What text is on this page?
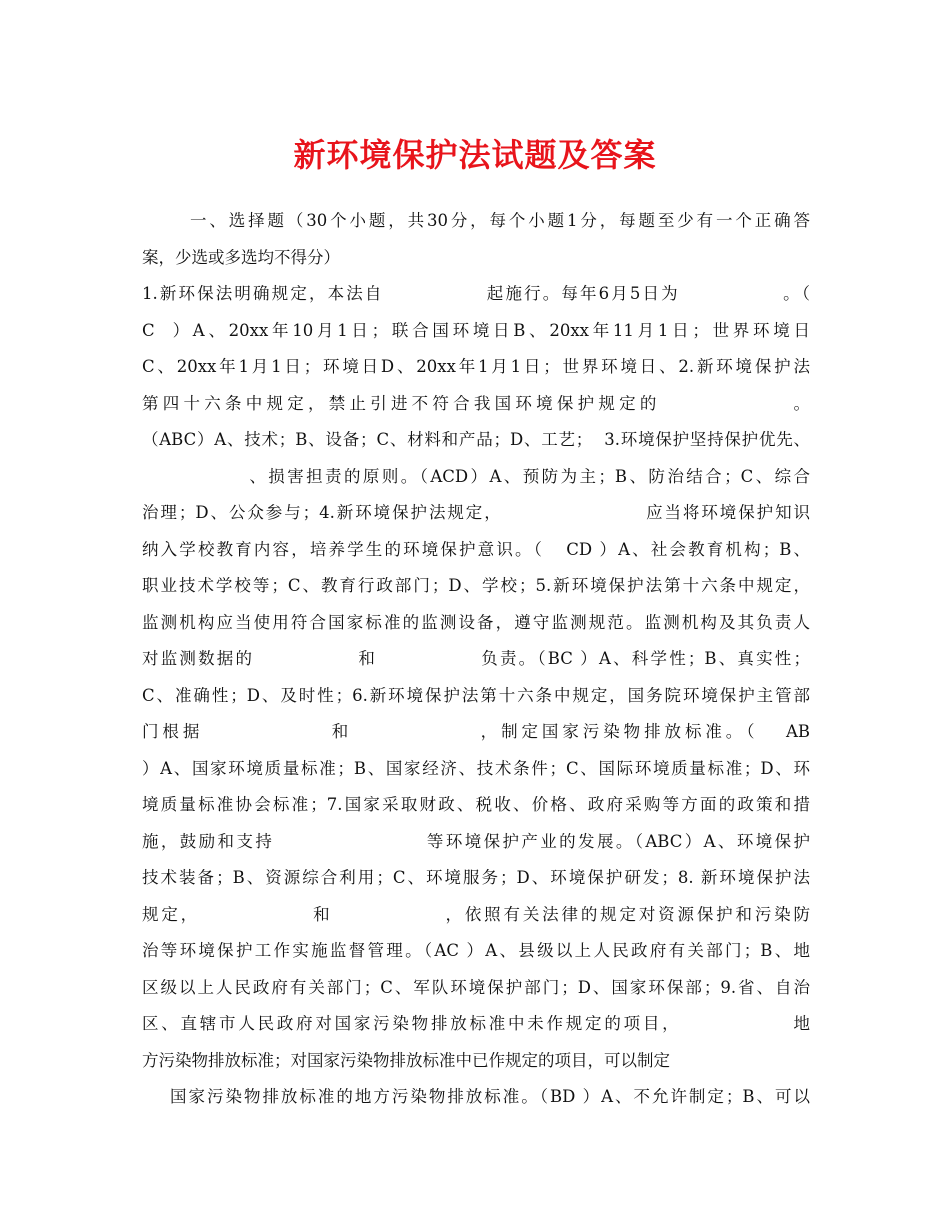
新环境保护法试题及答案
一、选择题（30个小题，共30分，每个小题1分，每题至少有一个正确答
案，少选或多选均不得分）
1.新环保法明确规定，本法自              起施行。每年6月5日为              。（
C  ）A、20xx年10月1日；联合国环境日B、20xx年11月1日；世界环境日
C、20xx年1月1日；环境日D、20xx年1月1日；世界环境日、2.新环境保护法
第四十六条中规定，禁止引进不符合我国环境保护规定的              。
（ABC）A、技术；B、设备；C、材料和产品；D、工艺；  3.环境保护坚持保护优先、
、损害担责的原则。（ACD）A、预防为主；B、防治结合；C、综合
治理；D、公众参与；4.新环境保护法规定，                    应当将环境保护知识
纳入学校教育内容，培养学生的环境保护意识。（   CD ）A、社会教育机构；B、
职业技术学校等；C、教育行政部门；D、学校；5.新环境保护法第十六条中规定，
监测机构应当使用符合国家标准的监测设备，遵守监测规范。监测机构及其负责人
对监测数据的              和              负责。（BC ）A、科学性；B、真实性；
C、准确性；D、及时性；6.新环境保护法第十六条中规定，国务院环境保护主管部
门根据              和              ，制定国家污染物排放标准。（   AB
）A、国家环境质量标准；B、国家经济、技术条件；C、国际环境质量标准；D、环
境质量标准协会标准；7.国家采取财政、税收、价格、政府采购等方面的政策和措
施，鼓励和支持                    等环境保护产业的发展。（ABC）A、环境保护
技术装备；B、资源综合利用；C、环境服务；D、环境保护研发；8. 新环境保护法
规定，              和              ，依照有关法律的规定对资源保护和污染防
治等环境保护工作实施监督管理。（AC ）A、县级以上人民政府有关部门；B、地
区级以上人民政府有关部门；C、军队环境保护部门；D、国家环保部；9.省、自治
区、直辖市人民政府对国家污染物排放标准中未作规定的项目，              地
方污染物排放标准；对国家污染物排放标准中已作规定的项目，可以制定
国家污染物排放标准的地方污染物排放标准。（BD ）A、不允许制定；B、可以
